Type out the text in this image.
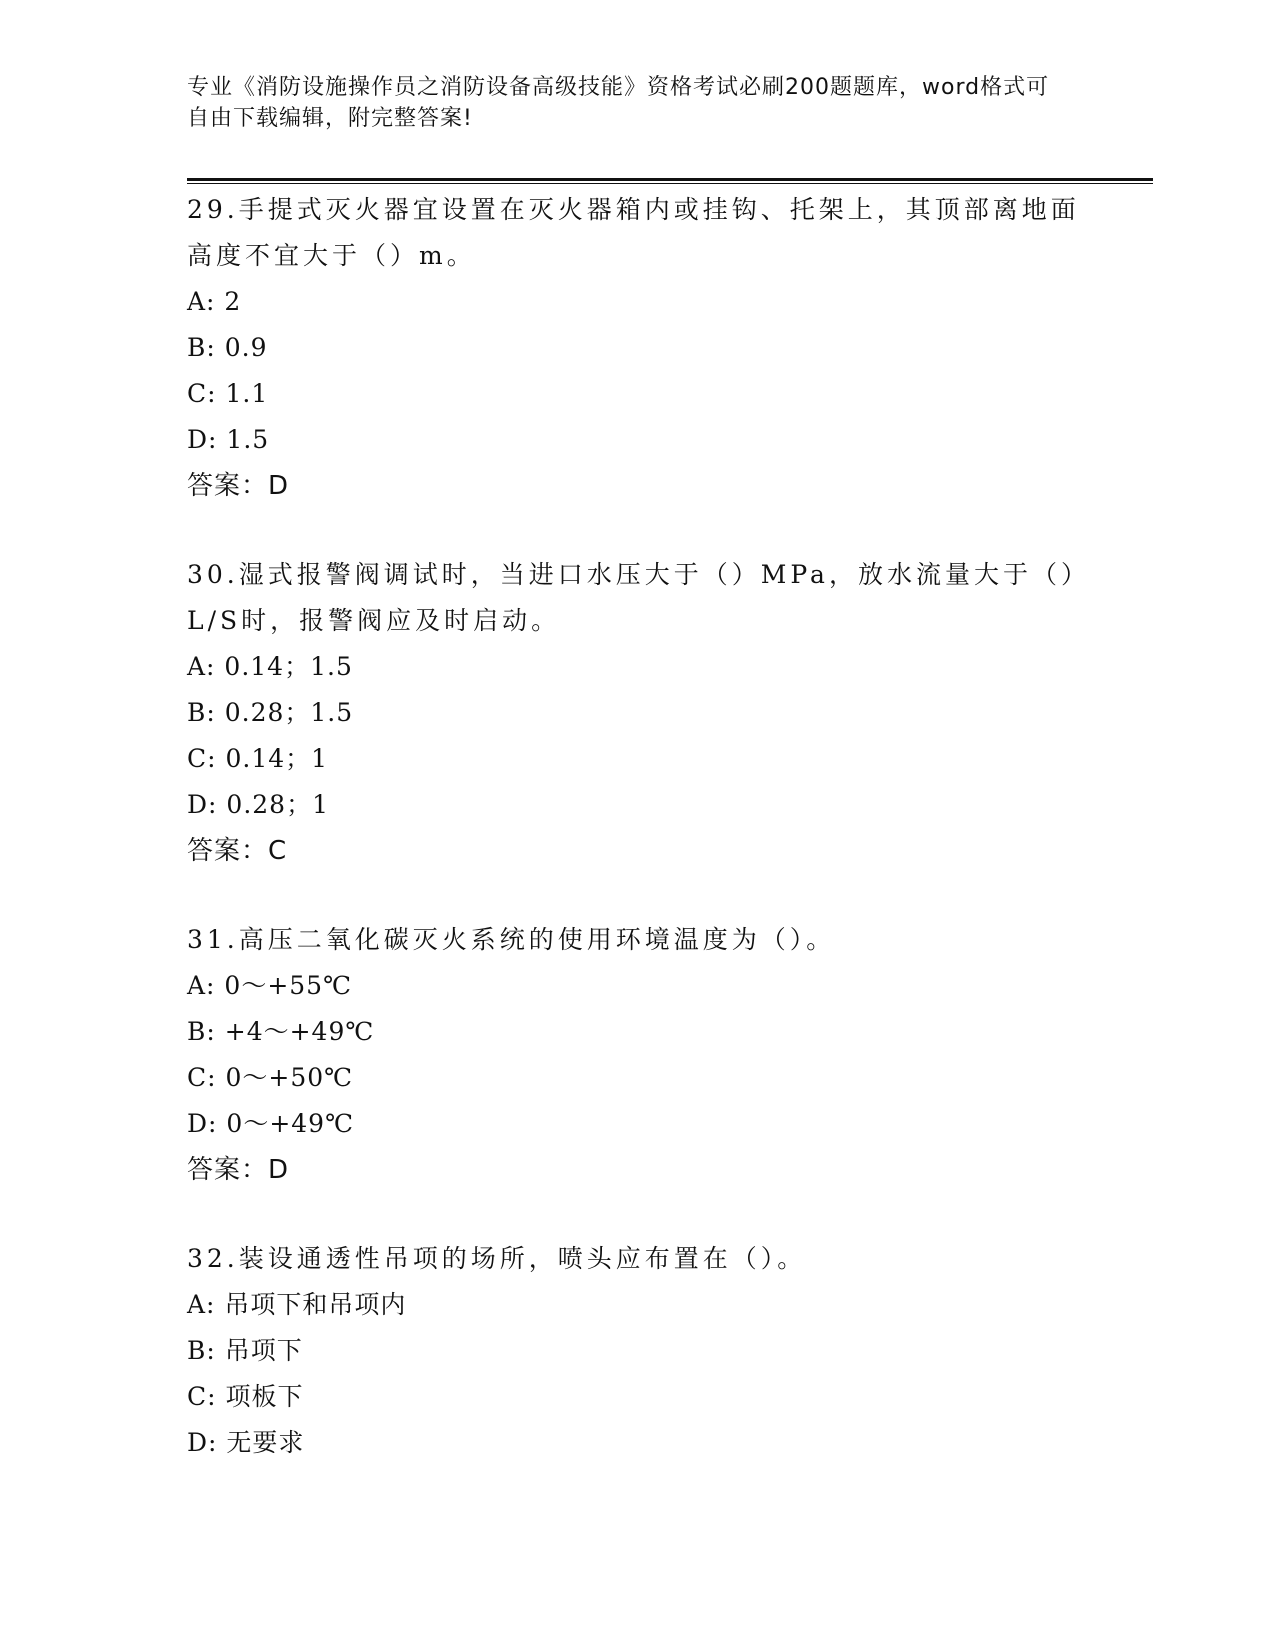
专业《消防设施操作员之消防设备高级技能》资格考试必刷200题题库，word格式可自由下载编辑，附完整答案!

29.手提式灭火器宜设置在灭火器箱内或挂钩、托架上，其顶部离地面高度不宜大于（）m。

A: 2

B: 0.9

C: 1.1

D: 1.5

答案：D

30.湿式报警阀调试时，当进口水压大于（）MPa，放水流量大于（）L/S时，报警阀应及时启动。

A: 0.14；1.5

B: 0.28；1.5

C: 0.14；1

D: 0.28；1

答案：C

31.高压二氧化碳灭火系统的使用环境温度为（）。

A: 0～+55℃

B: +4～+49℃

C: 0～+50℃

D: 0～+49℃

答案：D

32.装设通透性吊项的场所，喷头应布置在（）。

A: 吊项下和吊项内

B: 吊项下

C: 项板下

D: 无要求
